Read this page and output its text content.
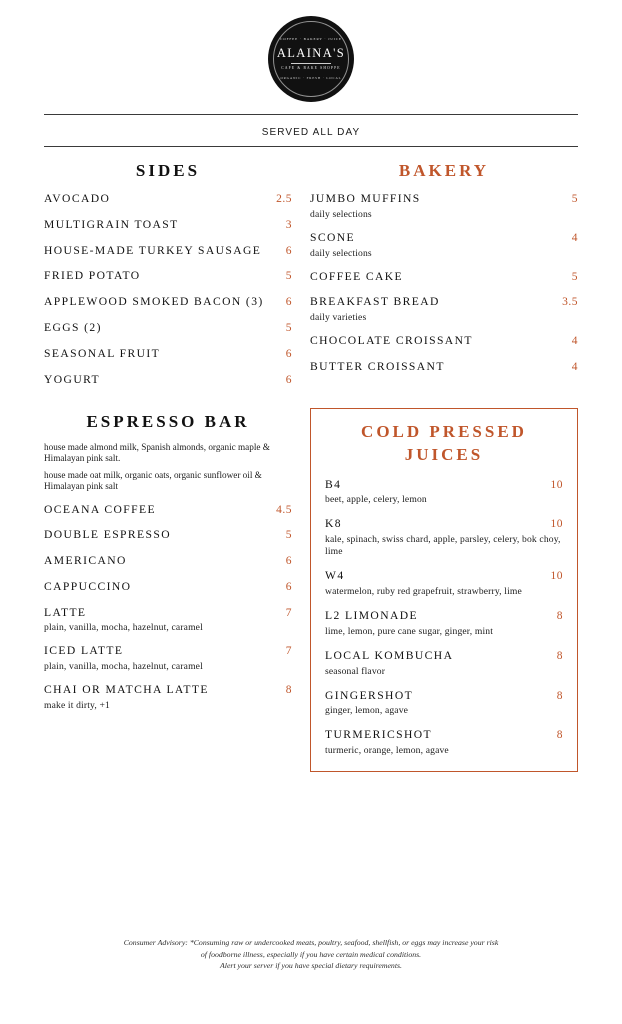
COFFEE · BAKERY · JUICE
ALAINA'S
CAFE & BAKE SHOPPE
ORGANIC · FRESH · LOCAL
SERVED ALL DAY
SIDES
AVOCADO	2.5
MULTIGRAIN TOAST	3
HOUSE-MADE TURKEY SAUSAGE	6
FRIED POTATO	5
APPLEWOOD SMOKED BACON (3)	6
EGGS (2)	5
SEASONAL FRUIT	6
YOGURT	6
ESPRESSO BAR
house made almond milk, Spanish almonds, organic maple & Himalayan pink salt.
house made oat milk, organic oats, organic sunflower oil & Himalayan pink salt
OCEANA COFFEE	4.5
DOUBLE ESPRESSO	5
AMERICANO	6
CAPPUCCINO	6
LATTE	7
plain, vanilla, mocha, hazelnut, caramel
ICED LATTE	7
plain, vanilla, mocha, hazelnut, caramel
CHAI OR MATCHA LATTE	8
make it dirty, +1
BAKERY
JUMBO MUFFINS	5
daily selections
SCONE	4
daily selections
COFFEE CAKE	5
BREAKFAST BREAD	3.5
daily varieties
CHOCOLATE CROISSANT	4
BUTTER CROISSANT	4
COLD PRESSED JUICES
B4	10
beet, apple, celery, lemon
K8	10
kale, spinach, swiss chard, apple, parsley, celery, bok choy, lime
W4	10
watermelon, ruby red grapefruit, strawberry, lime
L2 LIMONADE	8
lime, lemon, pure cane sugar, ginger, mint
LOCAL KOMBUCHA	8
seasonal flavor
GINGERSHOT	8
ginger, lemon, agave
TURMERICSHOT	8
turmeric, orange, lemon, agave
Consumer Advisory: *Consuming raw or undercooked meats, poultry, seafood, shellfish, or eggs may increase your risk
of foodborne illness, especially if you have certain medical conditions.
Alert your server if you have special dietary requirements.
